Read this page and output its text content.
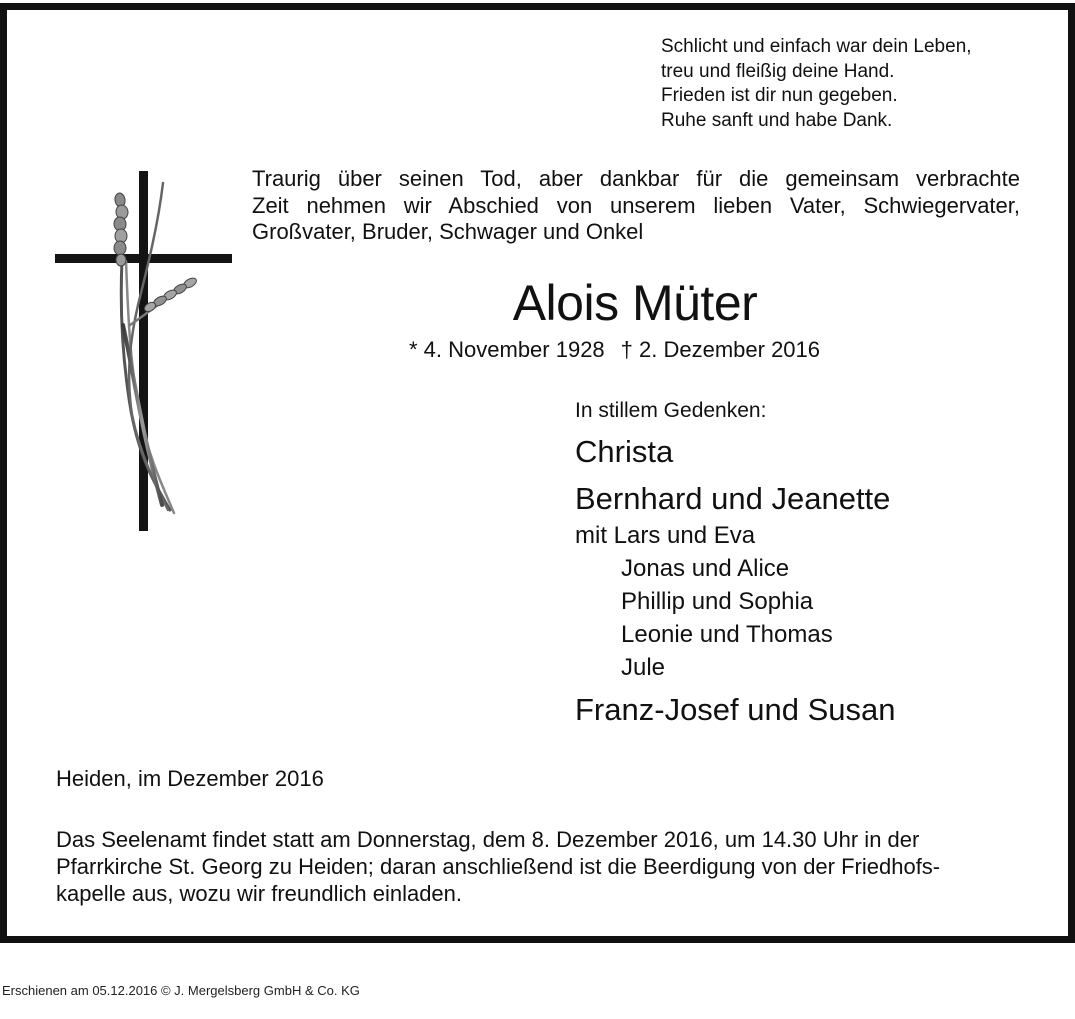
Schlicht und einfach war dein Leben,
treu und fleißig deine Hand.
Frieden ist dir nun gegeben.
Ruhe sanft und habe Dank.
Traurig über seinen Tod, aber dankbar für die gemeinsam verbrachte
Zeit nehmen wir Abschied von unserem lieben Vater, Schwiegervater,
Großvater, Bruder, Schwager und Onkel
Alois Müter
* 4. November 1928 † 2. Dezember 2016
In stillem Gedenken:
Christa
Bernhard und Jeanette
mit Lars und Eva
Jonas und Alice
Phillip und Sophia
Leonie und Thomas
Jule
Franz-Josef und Susan
Heiden, im Dezember 2016
Das Seelenamt findet statt am Donnerstag, dem 8. Dezember 2016, um 14.30 Uhr in der
Pfarrkirche St. Georg zu Heiden; daran anschließend ist die Beerdigung von der Friedhofs-
kapelle aus, wozu wir freundlich einladen.
Erschienen am 05.12.2016 © J. Mergelsberg GmbH & Co. KG
